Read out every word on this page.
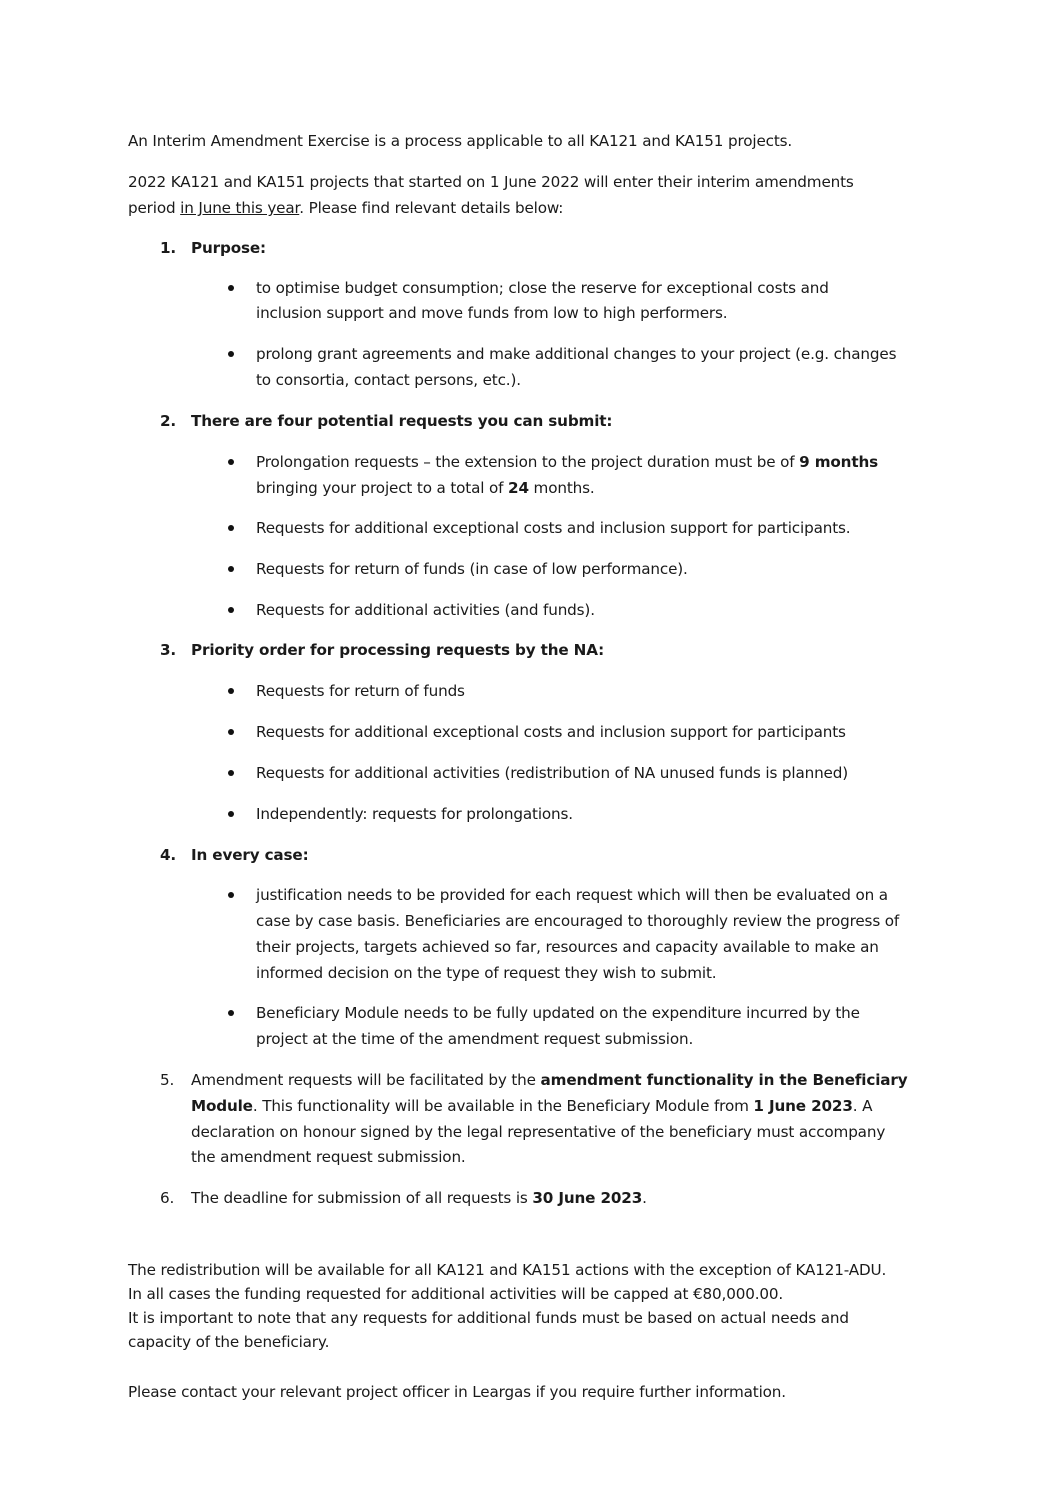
An Interim Amendment Exercise is a process applicable to all KA121 and KA151 projects.
2022 KA121 and KA151 projects that started on 1 June 2022 will enter their interim amendments
period in June this year. Please find relevant details below:
1. Purpose:
to optimise budget consumption; close the reserve for exceptional costs and
inclusion support and move funds from low to high performers.
prolong grant agreements and make additional changes to your project (e.g. changes
to consortia, contact persons, etc.).
2. There are four potential requests you can submit:
Prolongation requests – the extension to the project duration must be of 9 months
bringing your project to a total of 24 months.
Requests for additional exceptional costs and inclusion support for participants.
Requests for return of funds (in case of low performance).
Requests for additional activities (and funds).
3. Priority order for processing requests by the NA:
Requests for return of funds
Requests for additional exceptional costs and inclusion support for participants
Requests for additional activities (redistribution of NA unused funds is planned)
Independently: requests for prolongations.
4. In every case:
justification needs to be provided for each request which will then be evaluated on a
case by case basis. Beneficiaries are encouraged to thoroughly review the progress of
their projects, targets achieved so far, resources and capacity available to make an
informed decision on the type of request they wish to submit.
Beneficiary Module needs to be fully updated on the expenditure incurred by the
project at the time of the amendment request submission.
5. Amendment requests will be facilitated by the amendment functionality in the Beneficiary
Module. This functionality will be available in the Beneficiary Module from 1 June 2023. A
declaration on honour signed by the legal representative of the beneficiary must accompany
the amendment request submission.
6. The deadline for submission of all requests is 30 June 2023.
The redistribution will be available for all KA121 and KA151 actions with the exception of KA121-ADU.
In all cases the funding requested for additional activities will be capped at €80,000.00.
It is important to note that any requests for additional funds must be based on actual needs and
capacity of the beneficiary.
Please contact your relevant project officer in Leargas if you require further information.
